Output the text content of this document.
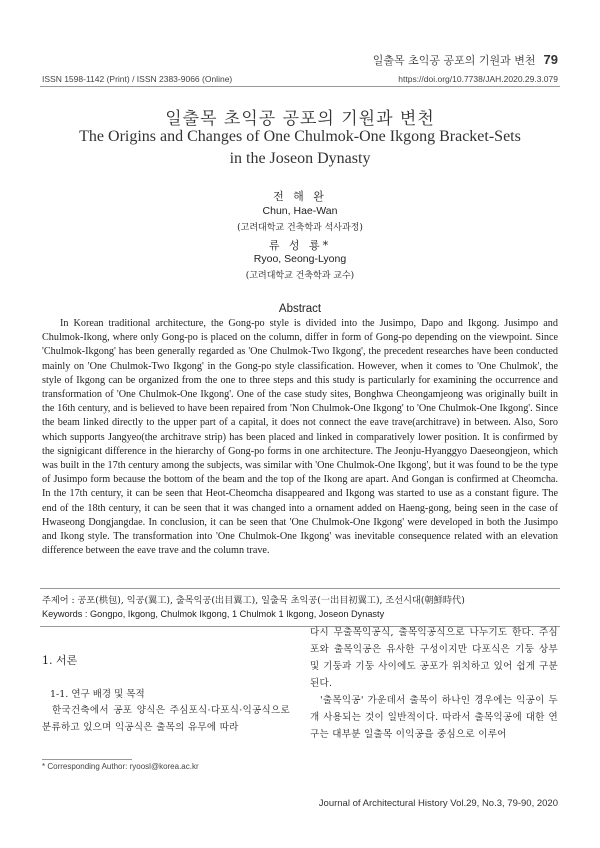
일출목 초익공 공포의 기원과 변천 79
ISSN 1598-1142 (Print) / ISSN 2383-9066 (Online)	https://doi.org/10.7738/JAH.2020.29.3.079
일출목 초익공 공포의 기원과 변천
The Origins and Changes of One Chulmok-One Ikgong Bracket-Sets
in the Joseon Dynasty
전 해 완
Chun, Hae-Wan
(고려대학교 건축학과 석사과정)
류 성 룡*
Ryoo, Seong-Lyong
(고려대학교 건축학과 교수)
Abstract

In Korean traditional architecture, the Gong-po style is divided into the Jusimpo, Dapo and Ikgong. Jusimpo and Chulmok-Ikong, where only Gong-po is placed on the column, differ in form of Gong-po depending on the viewpoint. Since 'Chulmok-Ikgong' has been generally regarded as 'One Chulmok-Two Ikgong', the precedent researches have been conducted mainly on 'One Chulmok-Two Ikgong' in the Gong-po style classification. However, when it comes to 'One Chulmok', the style of Ikgong can be organized from the one to three steps and this study is particularly for examining the occurrence and transformation of 'One Chulmok-One Ikgong'. One of the case study sites, Bonghwa Cheongamjeong was originally built in the 16th century, and is believed to have been repaired from 'Non Chulmok-One Ikgong' to 'One Chulmok-One Ikgong'. Since the beam linked directly to the upper part of a capital, it does not connect the eave trave(architrave) in between. Also, Soro which supports Jangyeo(the architrave strip) has been placed and linked in comparatively lower position. It is confirmed by the signigicant difference in the hierarchy of Gong-po forms in one architecture. The Jeonju-Hyanggyo Daeseongjeon, which was built in the 17th century among the subjects, was similar with 'One Chulmok-One Ikgong', but it was found to be the type of Jusimpo form because the bottom of the beam and the top of the Ikong are apart. And Gongan is confirmed at Cheomcha. In the 17th century, it can be seen that Heot-Cheomcha disappeared and Ikgong was started to use as a constant figure. The end of the 18th century, it can be seen that it was changed into a ornament added on Haeng-gong, being seen in the case of Hwaseong Dongjangdae. In conclusion, it can be seen that 'One Chulmok-One Ikgong' were developed in both the Jusimpo and Ikong style. The transformation into 'One Chulmok-One Ikgong' was inevitable consequence related with an elevation difference between the eave trave and the column trave.

주제어 : 공포(栱包), 익공(翼工), 출목익공(出目翼工), 일출목 초익공(一出目初翼工), 조선시대(朝鮮時代)
Keywords : Gongpo, Ikgong, Chulmok Ikgong, 1 Chulmok 1 Ikgong, Joseon Dynasty
1. 서론
1-1. 연구 배경 및 목적

한국건축에서 공포 양식은 주심포식·다포식·익공식으로 분류하고 있으며 익공식은 출목의 유무에 따라

* Corresponding Author: ryoosl@korea.ac.kr

다시 무출목익공식, 출목익공식으로 나누기도 한다. 주심포와 출목익공은 유사한 구성이지만 다포식은 기둥 상부 및 기둥과 기둥 사이에도 공포가 위치하고 있어 쉽게 구분된다.

'출목익공' 가운데서 출목이 하나인 경우에는 익공이 두 개 사용되는 것이 일반적이다. 따라서 출목익공에 대한 연구는 대부분 일출목 이익공을 중심으로 이루어

Journal of Architectural History Vol.29, No.3, 79-90, 2020
